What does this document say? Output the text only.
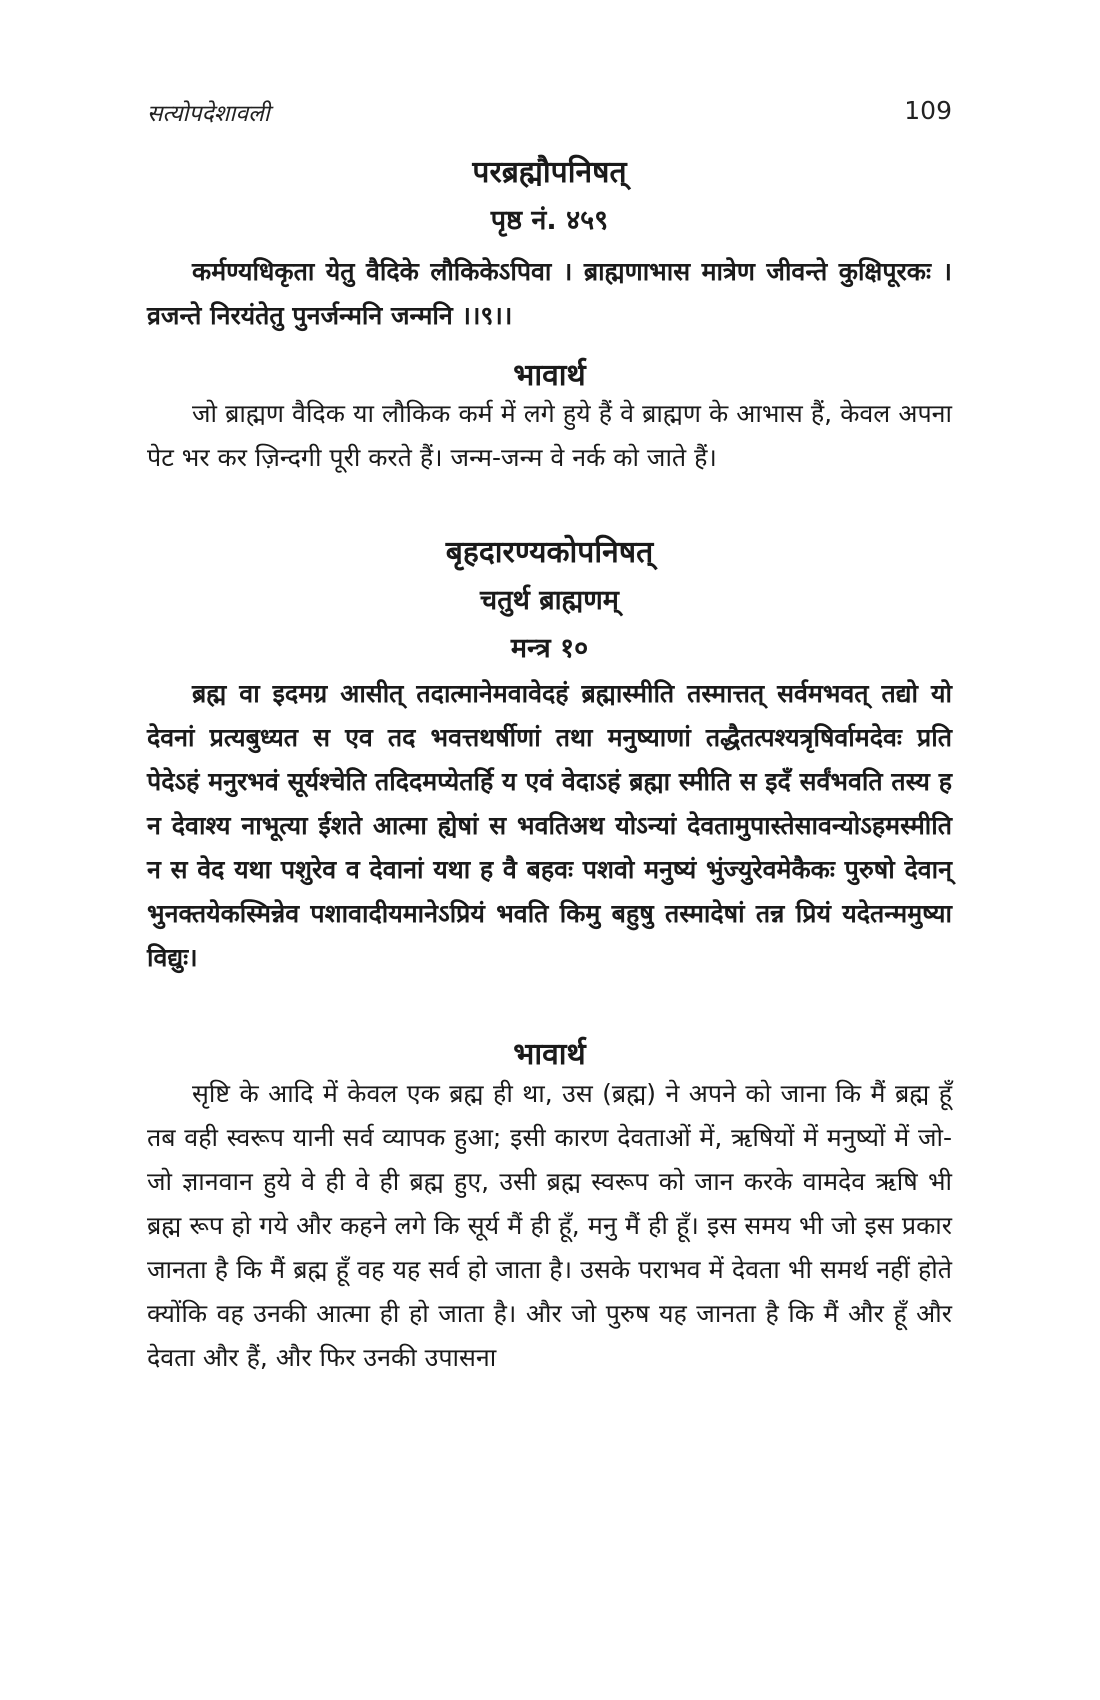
सत्योपदेशावली	109

परब्रह्मौपनिषत्

पृष्ठ नं. ४५९

कर्मण्यधिकृता येतु वैदिके लौकिकेऽपिवा । ब्राह्मणाभास मात्रेण जीवन्ते कुक्षिपूरकः । व्रजन्ते निरयंतेतु पुनर्जन्मनि जन्मनि ।।९।।

भावार्थ

जो ब्राह्मण वैदिक या लौकिक कर्म में लगे हुये हैं वे ब्राह्मण के आभास हैं, केवल अपना पेट भर कर ज़िन्दगी पूरी करते हैं। जन्म-जन्म वे नर्क को जाते हैं।

बृहदारण्यकोपनिषत्

चतुर्थ ब्राह्मणम्

मन्त्र १०

ब्रह्म वा इदमग्र आसीत् तदात्मानेमवावेदहं ब्रह्मास्मीति तस्मात्तत् सर्वमभवत् तद्यो यो देवनां प्रत्यबुध्यत स एव तद भवत्तथर्षीणां तथा मनुष्याणां तद्धैतत्पश्यत्रृषिर्वामदेवः प्रति पेदेऽहं मनुरभवं सूर्यश्चेति तदिदमप्येतर्हि य एवं वेदाऽहं ब्रह्मा स्मीति स इदँ सर्वंभवति तस्य ह न देवाश्य नाभूत्या ईशते आत्मा ह्येषां स भवतिअथ योऽन्यां देवतामुपास्तेसावन्योऽहमस्मीति न स वेद यथा पशुरेव व देवानां यथा ह वै बहवः पशवो मनुष्यं भुंज्युरेवमेकैकः पुरुषो देवान् भुनक्तयेकस्मिन्नेव पशावादीयमानेऽप्रियं भवति किमु बहुषु तस्मादेषां तन्न प्रियं यदेतन्ममुष्या विद्युः।

भावार्थ

सृष्टि के आदि में केवल एक ब्रह्म ही था, उस (ब्रह्म) ने अपने को जाना कि मैं ब्रह्म हूँ तब वही स्वरूप यानी सर्व व्यापक हुआ; इसी कारण देवताओं में, ऋषियों में मनुष्यों में जो-जो ज्ञानवान हुये वे ही वे ही ब्रह्म हुए, उसी ब्रह्म स्वरूप को जान करके वामदेव ऋषि भी ब्रह्म रूप हो गये और कहने लगे कि सूर्य मैं ही हूँ, मनु मैं ही हूँ। इस समय भी जो इस प्रकार जानता है कि मैं ब्रह्म हूँ वह यह सर्व हो जाता है। उसके पराभव में देवता भी समर्थ नहीं होते क्योंकि वह उनकी आत्मा ही हो जाता है। और जो पुरुष यह जानता है कि मैं और हूँ और देवता और हैं, और फिर उनकी उपासना
